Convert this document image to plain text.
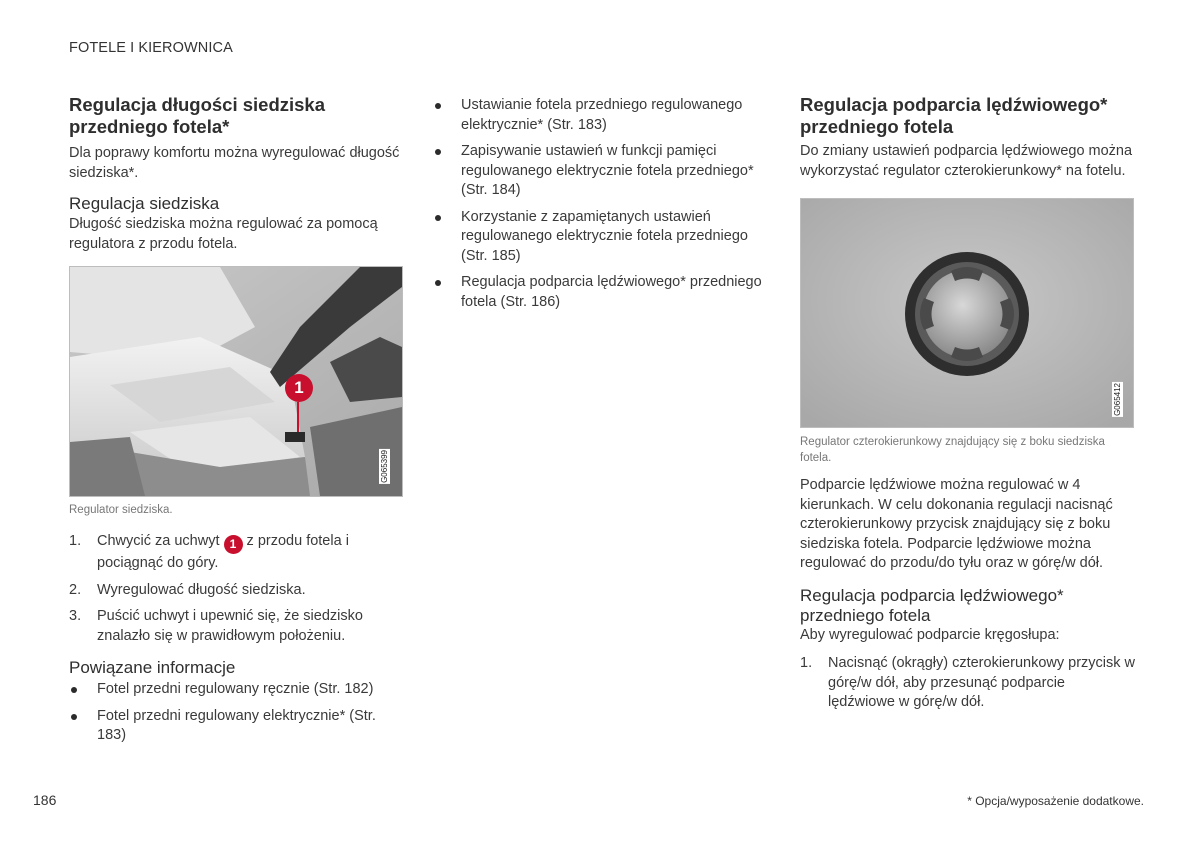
FOTELE I KIEROWNICA
Regulacja długości siedziska przedniego fotela*

Dla poprawy komfortu można wyregulować długość siedziska*.

Regulacja siedziska

Długość siedziska można regulować za pomocą regulatora z przodu fotela.

1
G065399
Regulator siedziska.
1. Chwycić za uchwyt 1 z przodu fotela i pociągnąć do góry.
2. Wyregulować długość siedziska.
3. Puścić uchwyt i upewnić się, że siedzisko znalazło się w prawidłowym położeniu.
Powiązane informacje
Fotel przedni regulowany ręcznie (Str. 182)
Fotel przedni regulowany elektrycznie* (Str. 183)
Ustawianie fotela przedniego regulowanego elektrycznie* (Str. 183)
Zapisywanie ustawień w funkcji pamięci regulowanego elektrycznie fotela przedniego* (Str. 184)
Korzystanie z zapamiętanych ustawień regulowanego elektrycznie fotela przedniego (Str. 185)
Regulacja podparcia lędźwiowego* przedniego fotela (Str. 186)
Regulacja podparcia lędźwiowego* przedniego fotela

Do zmiany ustawień podparcia lędźwiowego można wykorzystać regulator czterokierunkowy* na fotelu.

G065412
Regulator czterokierunkowy znajdujący się z boku siedziska fotela.

Podparcie lędźwiowe można regulować w 4 kierunkach. W celu dokonania regulacji nacisnąć czterokierunkowy przycisk znajdujący się z boku siedziska fotela. Podparcie lędźwiowe można regulować do przodu/do tyłu oraz w górę/w dół.

Regulacja podparcia lędźwiowego* przedniego fotela

Aby wyregulować podparcie kręgosłupa:

1. Nacisnąć (okrągły) czterokierunkowy przycisk w górę/w dół, aby przesunąć podparcie lędźwiowe w górę/w dół.
186	* Opcja/wyposażenie dodatkowe.
